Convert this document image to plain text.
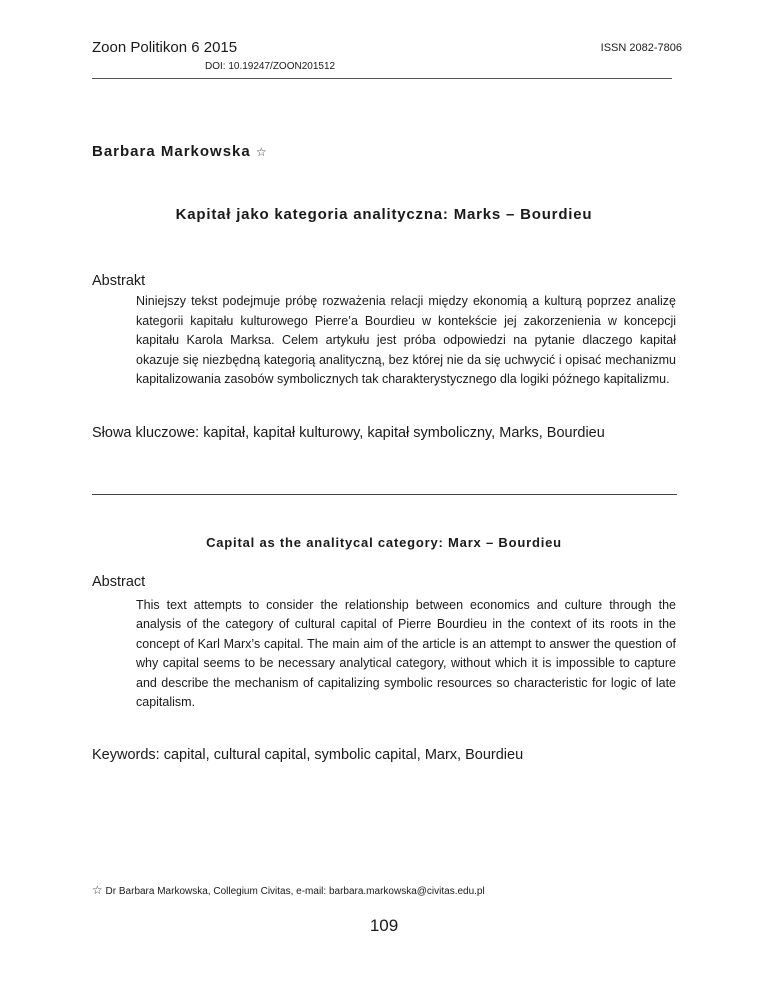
Zoon Politikon 6 2015	ISSN 2082-7806
DOI: 10.19247/ZOON201512
Barbara Markowska ☆
Kapitał jako kategoria analityczna: Marks – Bourdieu
Abstrakt

Niniejszy tekst podejmuje próbę rozważenia relacji między ekonomią a kulturą poprzez analizę kategorii kapitału kulturowego Pierre’a Bourdieu w kontekście jej zakorzenienia w koncepcji kapitału Karola Marksa. Celem artykułu jest próba odpowiedzi na pytanie dlaczego kapitał okazuje się niezbędną kategorią analityczną, bez której nie da się uchwycić i opisać mechanizmu kapitalizowania zasobów symbolicznych tak charakterystycznego dla logiki późnego kapitalizmu.

Słowa kluczowe: kapitał, kapitał kulturowy, kapitał symboliczny, Marks, Bourdieu
Capital as the analitycal category: Marx – Bourdieu
Abstract

This text attempts to consider the relationship between economics and culture through the analysis of the category of cultural capital of Pierre Bourdieu in the context of its roots in the concept of Karl Marx’s capital. The main aim of the article is an attempt to answer the question of why capital seems to be necessary analytical category, without which it is impossible to capture and describe the mechanism of capitalizing symbolic resources so characteristic for logic of late capitalism.

Keywords: capital, cultural capital, symbolic capital, Marx, Bourdieu
☆ Dr Barbara Markowska, Collegium Civitas, e-mail: barbara.markowska@civitas.edu.pl
109
